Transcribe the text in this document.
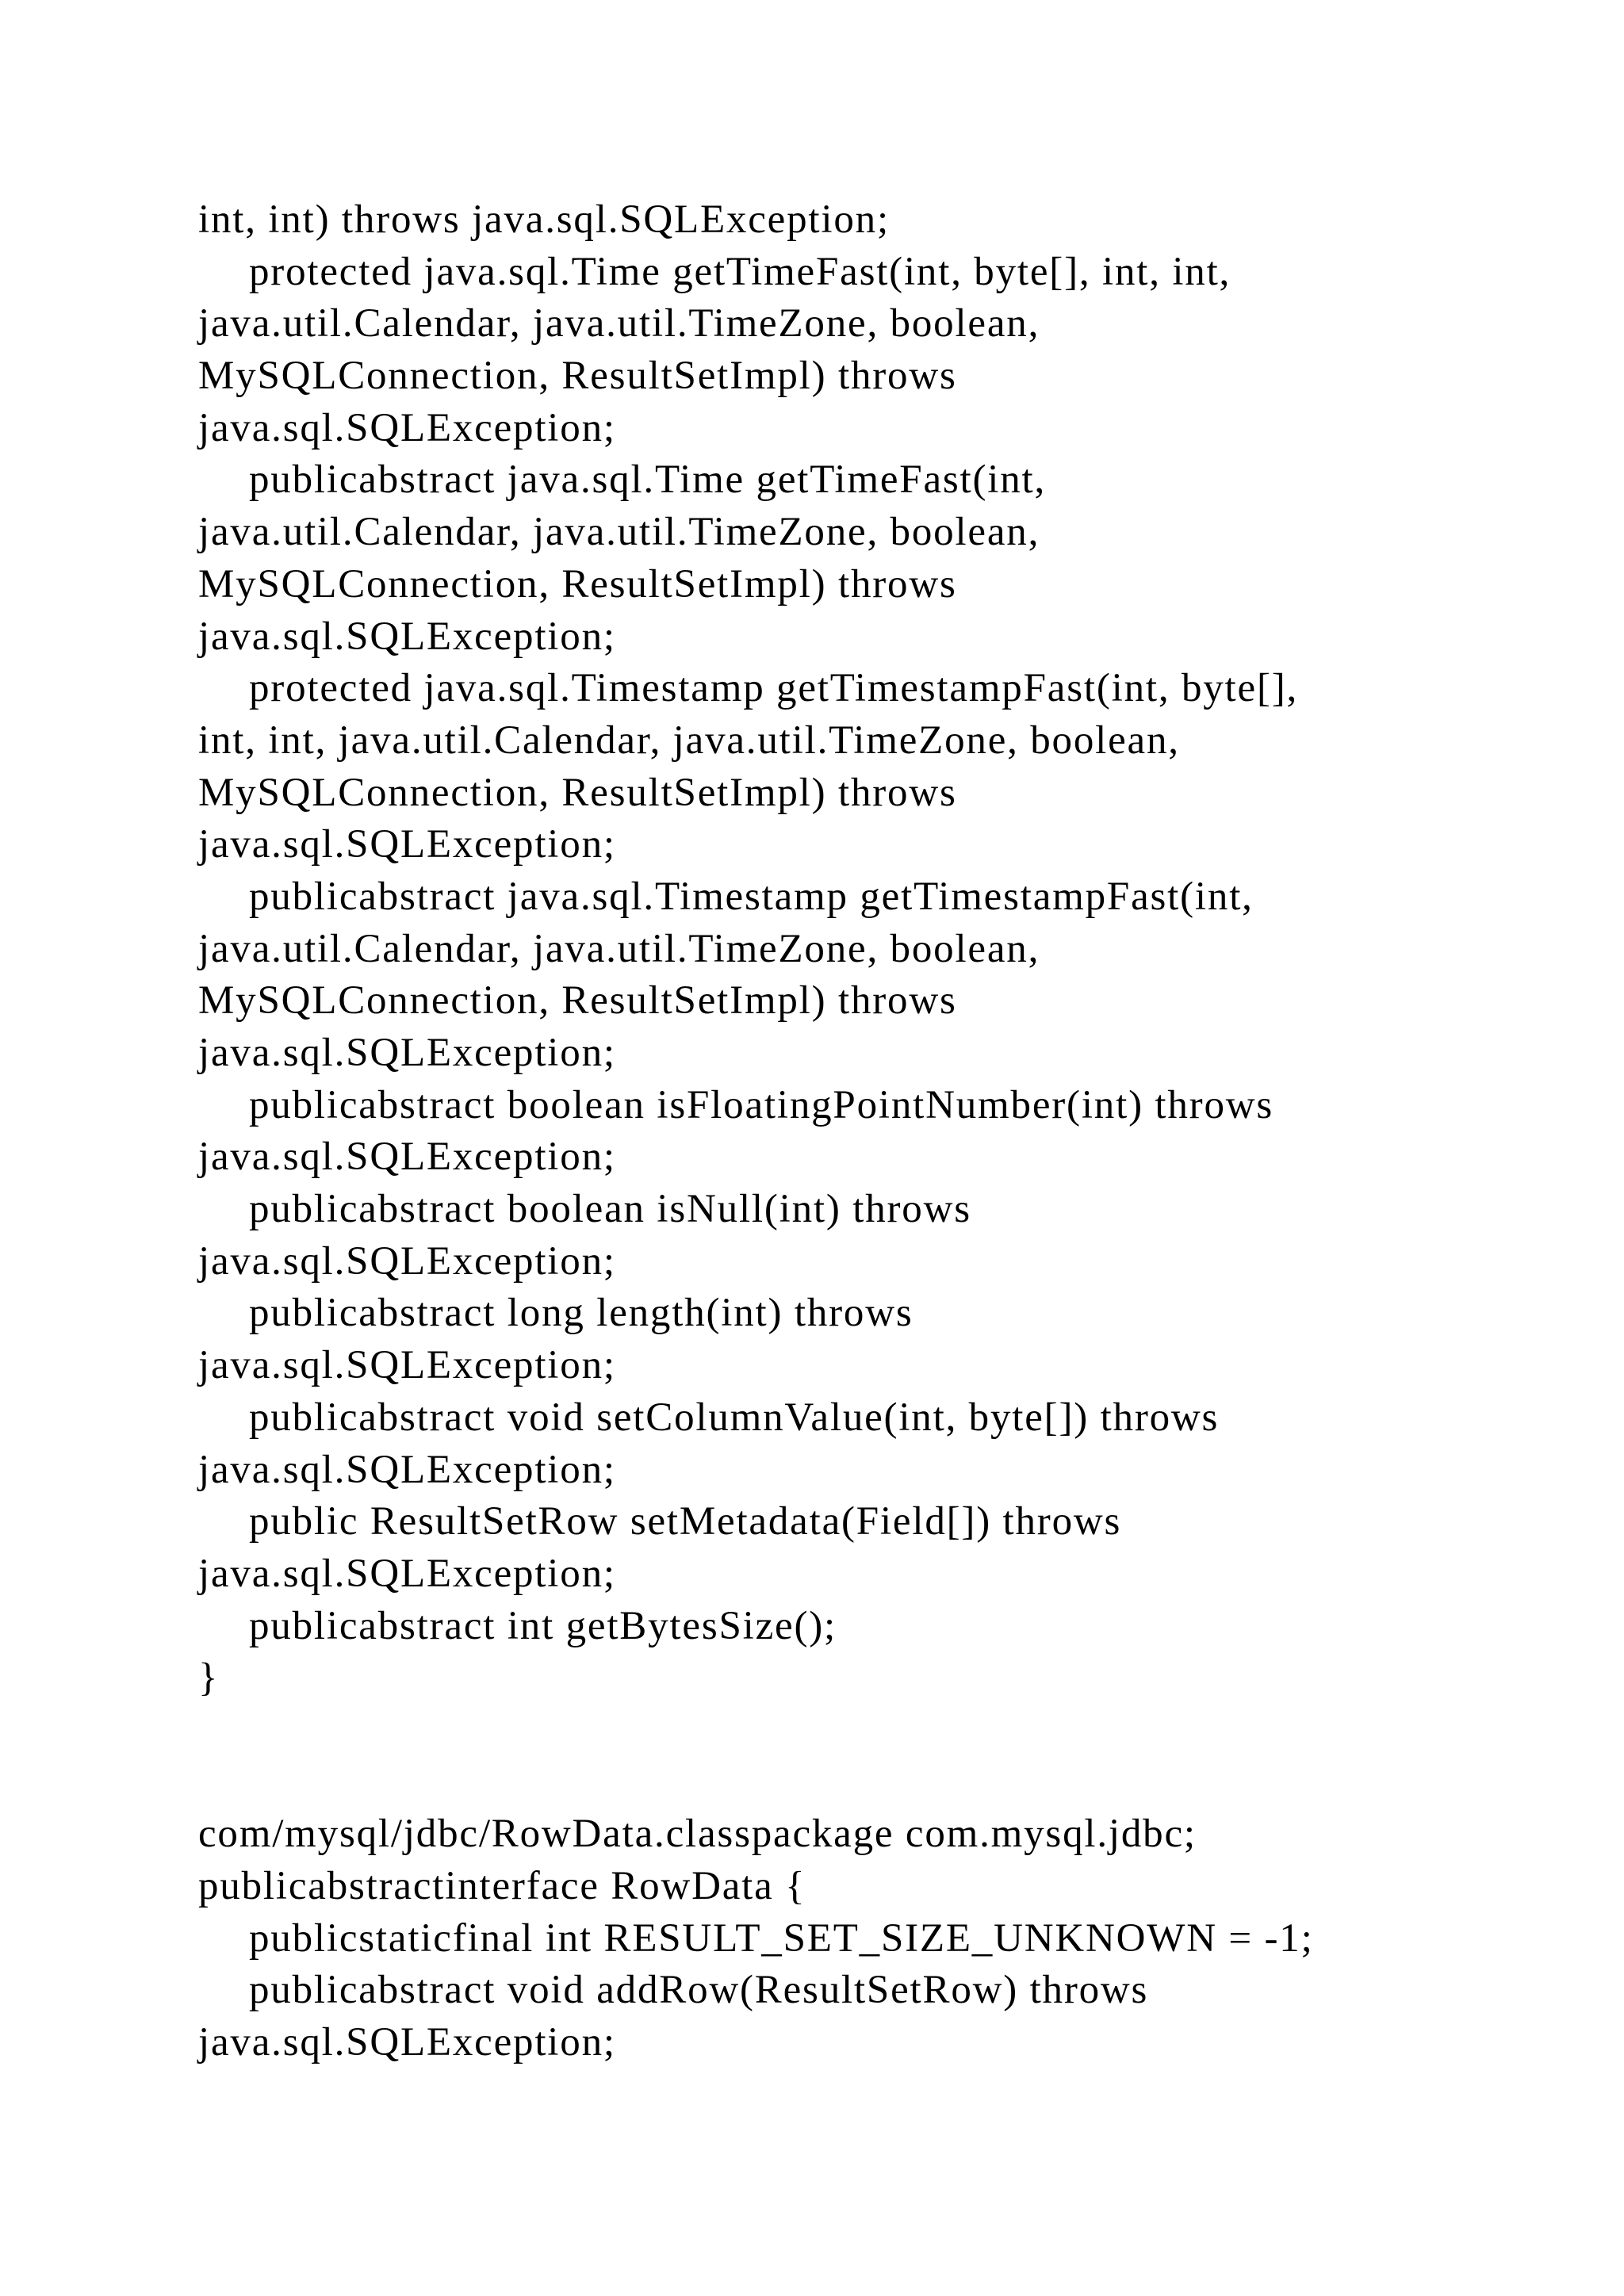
int, int) throws java.sql.SQLException;
protected java.sql.Time getTimeFast(int, byte[], int, int,
java.util.Calendar, java.util.TimeZone, boolean,
MySQLConnection, ResultSetImpl) throws
java.sql.SQLException;
publicabstract java.sql.Time getTimeFast(int,
java.util.Calendar, java.util.TimeZone, boolean,
MySQLConnection, ResultSetImpl) throws
java.sql.SQLException;
protected java.sql.Timestamp getTimestampFast(int, byte[],
int, int, java.util.Calendar, java.util.TimeZone, boolean,
MySQLConnection, ResultSetImpl) throws
java.sql.SQLException;
publicabstract java.sql.Timestamp getTimestampFast(int,
java.util.Calendar, java.util.TimeZone, boolean,
MySQLConnection, ResultSetImpl) throws
java.sql.SQLException;
publicabstract boolean isFloatingPointNumber(int) throws
java.sql.SQLException;
publicabstract boolean isNull(int) throws
java.sql.SQLException;
publicabstract long length(int) throws
java.sql.SQLException;
publicabstract void setColumnValue(int, byte[]) throws
java.sql.SQLException;
public ResultSetRow setMetadata(Field[]) throws
java.sql.SQLException;
publicabstract int getBytesSize();
}
com/mysql/jdbc/RowData.classpackage com.mysql.jdbc;
publicabstractinterface RowData {
publicstaticfinal int RESULT_SET_SIZE_UNKNOWN = -1;
publicabstract void addRow(ResultSetRow) throws
java.sql.SQLException;
